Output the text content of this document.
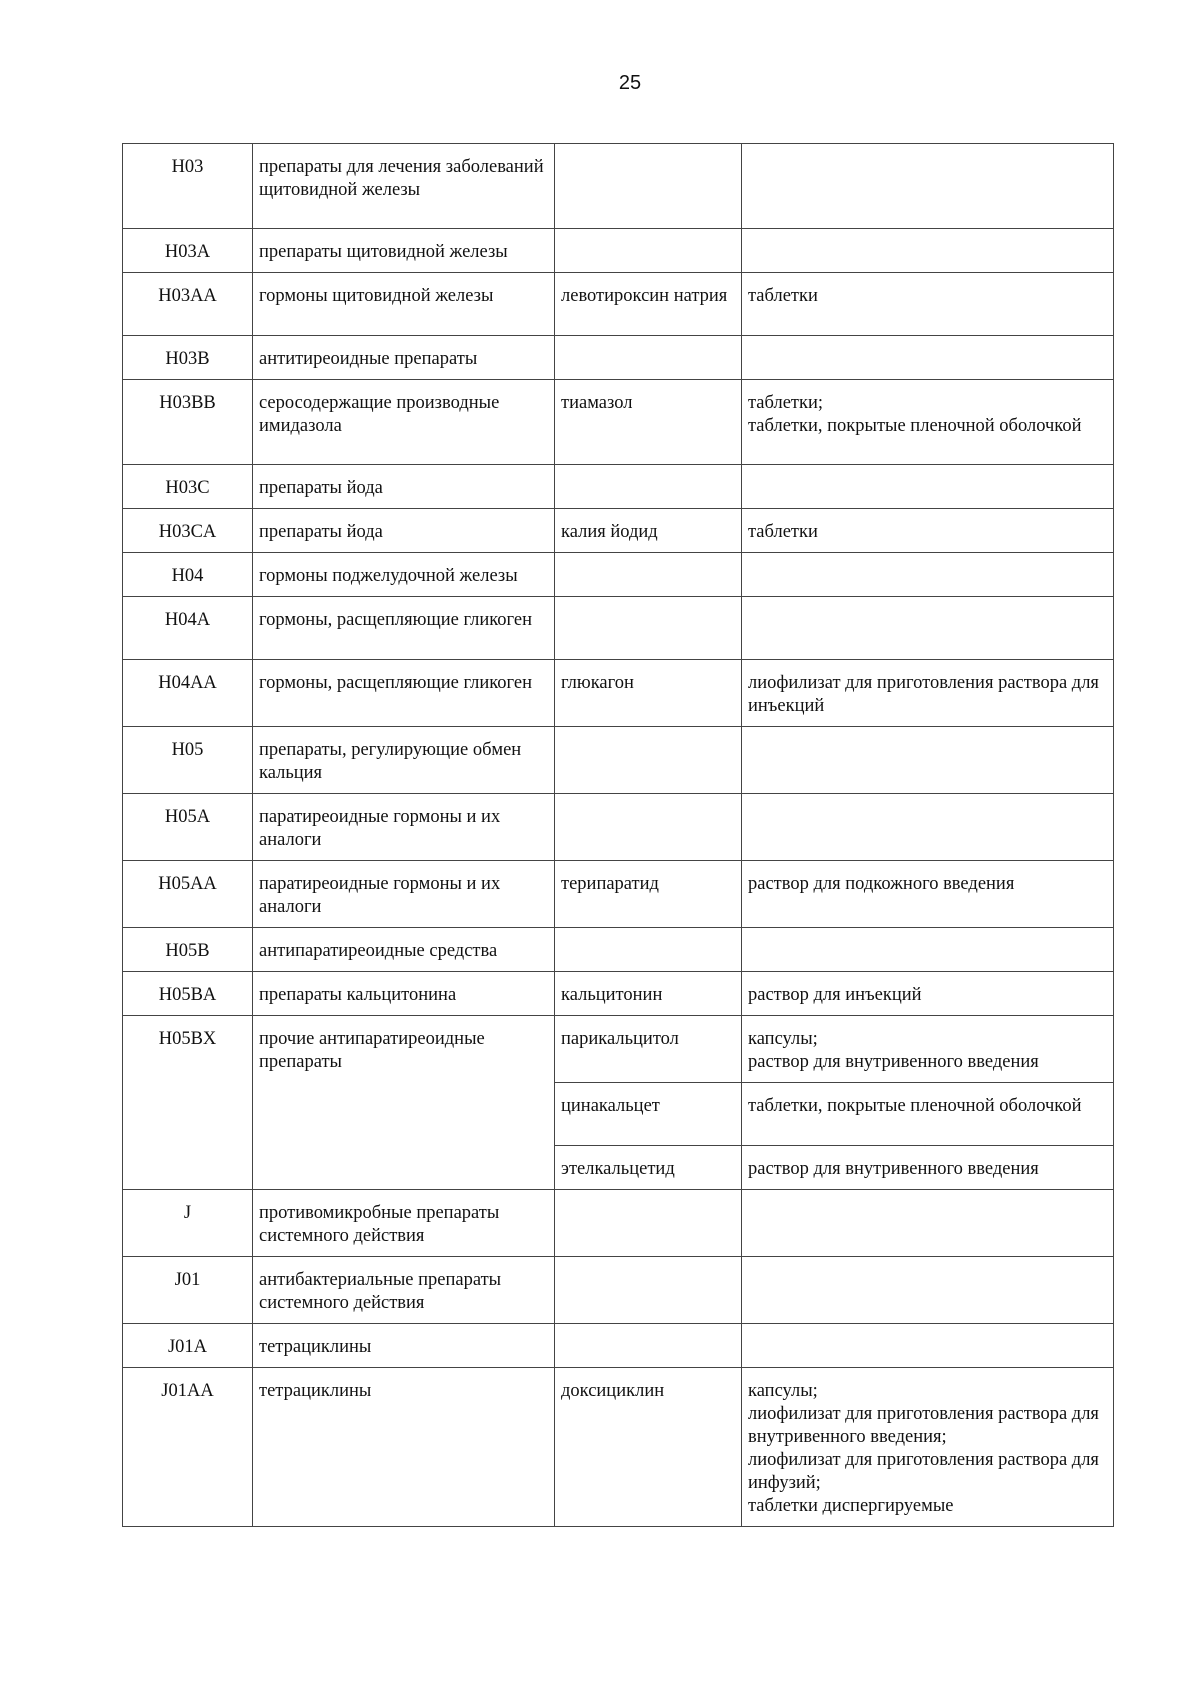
25
H03	препараты для лечения заболеваний щитовидной железы		
H03A	препараты щитовидной железы		
H03AA	гормоны щитовидной железы	левотироксин натрия	таблетки

H03B	антитиреоидные препараты		
H03BB	серосодержащие производные имидазола	тиамазол	таблетки;
таблетки, покрытые пленочной оболочкой

H03C	препараты йода		
H03CA	препараты йода	калия йодид	таблетки

H04	гормоны поджелудочной железы		
H04A	гормоны, расщепляющие гликоген		
H04AA	гормоны, расщепляющие гликоген	глюкагон	лиофилизат для приготовления раствора для инъекций

H05	препараты, регулирующие обмен кальция		
H05A	паратиреоидные гормоны и их аналоги		
H05AA	паратиреоидные гормоны и их аналоги	терипаратид	раствор для подкожного введения

H05B	антипаратиреоидные средства		
H05BA	препараты кальцитонина	кальцитонин	раствор для инъекций

H05BX	прочие антипаратиреоидные препараты	парикальцитол	капсулы;
раствор для внутривенного введения

		цинакальцет	таблетки, покрытые пленочной оболочкой

		этелкальцетид	раствор для внутривенного введения

J	противомикробные препараты системного действия		
J01	антибактериальные препараты системного действия		
J01A	тетрациклины		
J01AA	тетрациклины	доксициклин	капсулы;
лиофилизат для приготовления раствора для внутривенного введения;
лиофилизат для приготовления раствора для инфузий;
таблетки диспергируемые
